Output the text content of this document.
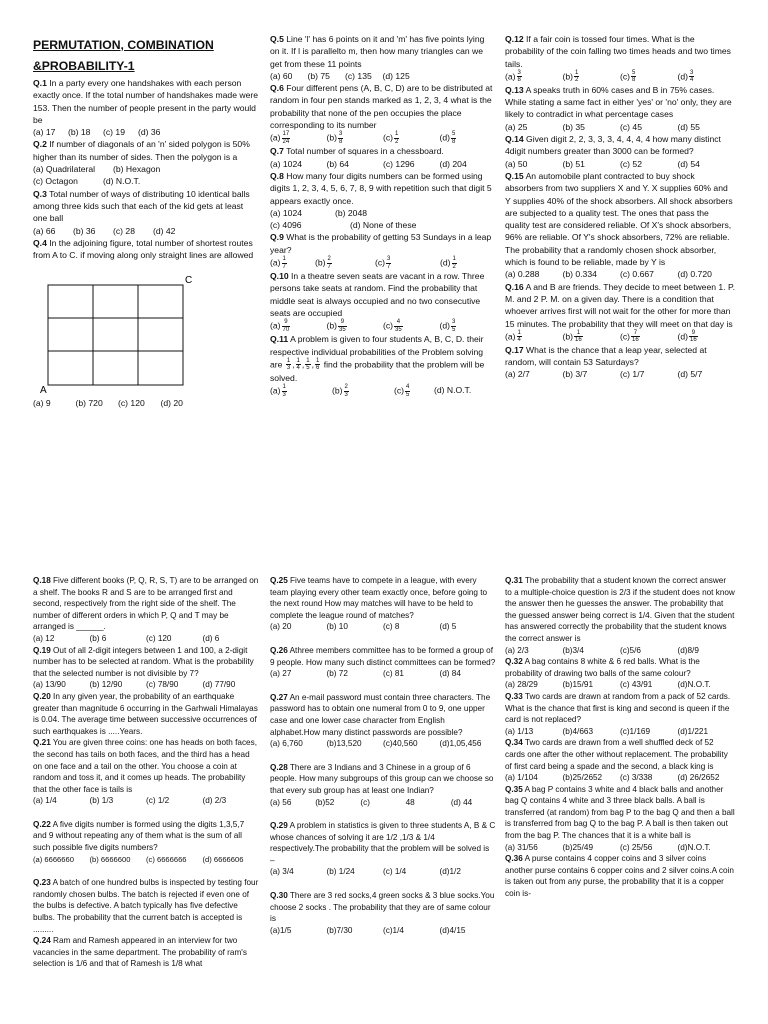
PERMUTATION, COMBINATION
&PROBABILITY-1

Q.1 In a party every one handshakes with each person exactly once. If the total number of handshakes made were 153. Then the number of people present in the party would be

(a) 17	(b) 18	(c) 19	(d) 36

Q.2 If number of diagonals of an 'n' sided polygon is 50% higher than its number of sides. Then the polygon is a

(a) Quadrilateral	(b) Hexagon

(c) Octagon	(d) N.O.T.

Q.3 Total number of ways of distributing 10 identical balls among three kids such that each of the kid gets at least one ball

(a) 66	(b) 36	(c) 28	(d) 42

Q.4 In the adjoining figure, total number of shortest routes from A to C. if moving along only straight lines are allowed

C
A

(a) 9	(b) 720	(c) 120	(d) 20

Q.5 Line 'l' has 6 points on it and 'm' has five points lying on it. If l is parallelto m, then how many triangles can we get from these 11 points

(a) 60	(b) 75	(c) 135	(d) 125

Q.6 Four different pens (A, B, C, D) are to be distributed at random in four pen stands marked as 1, 2, 3, 4 what is the probability that none of the pen occupies the place corresponding to its number

$(a) \frac{17}{24}$	$(b) \frac{3}{8}$	$(c) \frac{1}{2}$	$(d) \frac{5}{8}$

Q.7 Total number of squares in a chessboard.

(a) 1024	(b) 64	(c) 1296	(d) 204

Q.8 How many four digits numbers can be formed using digits 1, 2, 3, 4, 5, 6, 7, 8, 9 with repetition such that digit 5 appears exactly once.

(a) 1024	(b) 2048

(c) 4096	(d) None of these

Q.9 What is the probability of getting 53 Sundays in a leap year?

$(a) \frac{1}{7}$	$(b) \frac{2}{7}$	$(c) \frac{3}{7}$	$(d) \frac{1}{2}$

Q.10 In a theatre seven seats are vacant in a row. Three persons take seats at random. Find the probability that middle seat is always occupied and no two consecutive seats are occupied

$(a) \frac{9}{70}$	$(b) \frac{9}{35}$	$(c) \frac{4}{35}$	$(d) \frac{3}{5}$

Q.11 A problem is given to four students A, B, C, D. their respective individual probabilities of the Problem solving are $\frac{1}{3}$ , $\frac{1}{4}$ , $\frac{1}{5}$ , $\frac{1}{6}$ find the probability that the problem will be solved.

$(a) \frac{1}{3}$	$(b) \frac{2}{3}$	$(c) \frac{4}{5}$	(d) N.O.T.

Q.12 If a fair coin is tossed four times. What is the probability of the coin falling two times heads and two times tails.

$(a) \frac{3}{8}$	$(b) \frac{1}{2}$	$(c) \frac{5}{8}$	$(d) \frac{3}{4}$

Q.13 A speaks truth in 60% cases and B in 75% cases. While stating a same fact in either 'yes' or 'no' only, they are likely to contradict in what percentage cases

(a) 25	(b) 35	(c) 45	(d) 55

Q.14 Given digit 2, 2, 3, 3, 3, 4, 4, 4, 4 how many distinct 4digit numbers greater than 3000 can be formed?

(a) 50	(b) 51	(c) 52	(d) 54

Q.15 An automobile plant contracted to buy shock absorbers from two suppliers X and Y. X supplies 60% and Y supplies 40% of the shock absorbers. All shock absorbers are subjected to a quality test. The ones that pass the quality test are considered reliable. Of X's shock absorbers, 96% are reliable. Of Y's shock absorbers, 72% are reliable. The probability that a randomly chosen shock absorber, which is found to be reliable, made by Y is

(a) 0.288	(b) 0.334	(c) 0.667	(d) 0.720

Q.16 A and B are friends. They decide to meet between 1. P. M. and 2 P. M. on a given day. There is a condition that whoever arrives first will not wait for the other for more than 15 minutes. The probability that they will meet on that day is

$(a) \frac{1}{4}$	$(b) \frac{1}{16}$	$(c) \frac{7}{16}$	$(d) \frac{9}{16}$

Q.17 What is the chance that a leap year, selected at random, will contain 53 Saturdays?

(a) 2/7	(b) 3/7	(c) 1/7	(d) 5/7

Q.18 Five different books (P, Q, R, S, T) are to be arranged on a shelf. The books R and S are to be arranged first and second, respectively from the right side of the shelf. The number of different orders in which P, Q and T may be arranged is ______.

(a) 12	(b) 6	(c) 120	(d) 6

Q.19 Out of all 2-digit integers between 1 and 100, a 2-digit number has to be selected at random. What is the probability that the selected number is not divisible by 7?

(a) 13/90	(b) 12/90	(c) 78/90	(d) 77/90

Q.20 In any given year, the probability of an earthquake greater than magnitude 6 occurring in the Garhwali Himalayas is 0.04. The average time between successive occurrences of such earthquakes is .....Years.

Q.21 You are given three coins: one has heads on both faces, the second has tails on both faces, and the third has a head on one face and a tail on the other. You choose a coin at random and toss it, and it comes up heads. The probability that the other face is tails is

(a) 1/4	(b) 1/3	(c) 1/2	(d) 2/3

Q.22 A five digits number is formed using the digits 1,3,5,7 and 9 without repeating any of them what is the sum of all such possible five digits numbers?

(a) 6666660	(b) 6666600	(c) 6666666	(d) 6666606

Q.23 A batch of one hundred bulbs is inspected by testing four randomly chosen bulbs. The batch is rejected if even one of the bulbs is defective. A batch typically has five defective bulbs. The probability that the current batch is accepted is .........

Q.24 Ram and Ramesh appeared in an interview for two vacancies in the same department. The probability of ram's selection is 1/6 and that of Ramesh is 1/8 what

Q.25 Five teams have to compete in a league, with every team playing every other team exactly once, before going to the next round How may matches will have to be held to complete the league round of matches?

(a) 20	(b) 10	(c) 8	(d) 5

Q.26 Athree members committee has to be formed a group of 9 people. How many such distinct committees can be formed?

(a) 27	(b) 72	(c) 81	(d) 84

Q.27 An e-mail password must contain three characters. The password has to obtain one numeral from 0 to 9, one upper case and one lower case character from English alphabet.How many distinct passwords are possible?

(a) 6,760	(b)13,520	(c)40,560	(d)1,05,456

Q.28 There are 3 Indians and 3 Chinese in a group of 6 people. How many subgroups of this group can we choose so that every sub group has at least one Indian?

(a) 56	(b)52	(c)	48	(d) 44

Q.29 A problem in statistics is given to three students A, B & C whose chances of solving it are 1/2 ,1/3 & 1/4 respectively.The probability that the problem will be solved is –

(a) 3/4	(b) 1/24	(c) 1/4	(d)1/2

Q.30 There are 3 red socks,4 green socks & 3 blue socks.You choose 2 socks . The probability that they are of same colour is

(a)1/5	(b)7/30	(c)1/4	(d)4/15

Q.31 The probability that a student known the correct answer to a multiple-choice question is 2/3 if the student does not know the answer then he guesses the answer. The probability that the guessed answer being correct is 1/4. Given that the student has answered correctly the probability that the student knows the correct answer is

(a) 2/3	(b)3/4	(c)5/6	(d)8/9

Q.32 A bag contains 8 white & 6 red balls. What is the probability of drawing two balls of the same colour?

(a) 28/29	(b)15/91	(c) 43/91	(d)N.O.T.

Q.33 Two cards are drawn at random from a pack of 52 cards. What is the chance that first is king and second is queen if the card is not replaced?

(a) 1/13	(b)4/663	(c)1/169	(d)1/221

Q.34 Two cards are drawn from a well shuffled deck of 52 cards one after the other without replacement. The probability of first card being a spade and the second, a black king is

(a) 1/104	(b)25/2652	(c) 3/338	(d) 26/2652

Q.35 A bag P contains 3 white and 4 black balls and another bag Q contains 4 white and 3 three black balls. A ball is transferred (at random) from bag P to the bag Q and then a ball is transferred from bag Q to the bag P. A ball is then taken out from the bag P. The chances that it is a white ball is

(a) 31/56	(b)25/49	(c) 25/56	(d)N.O.T.

Q.36 A purse contains 4 copper coins and 3 silver coins another purse contains 6 copper coins and 2 silver coins.A coin is taken out from any purse, the probability that it is a copper coin is-
